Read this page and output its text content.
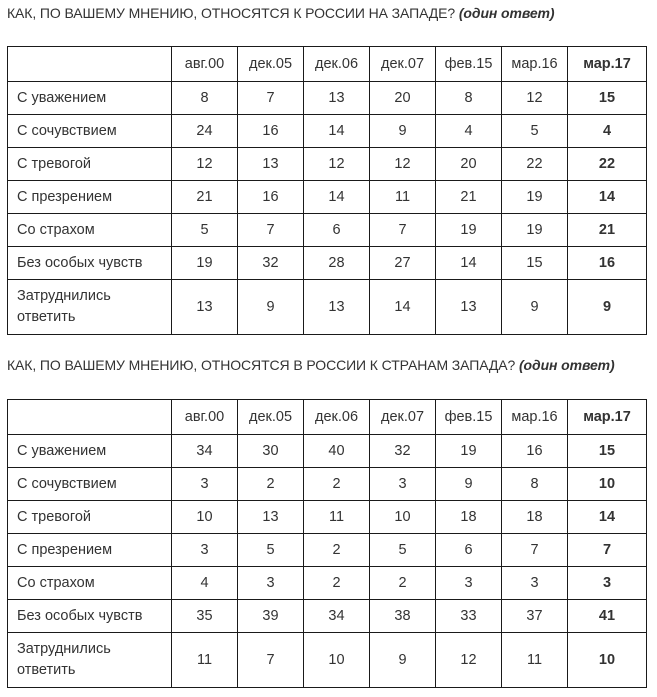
КАК, ПО ВАШЕМУ МНЕНИЮ, ОТНОСЯТСЯ К РОССИИ НА ЗАПАДЕ? (один ответ)
	авг.00	дек.05	дек.06	дек.07	фев.15	мар.16	мар.17
С уважением	8	7	13	20	8	12	15
С сочувствием	24	16	14	9	4	5	4
С тревогой	12	13	12	12	20	22	22
С презрением	21	16	14	11	21	19	14
Со страхом	5	7	6	7	19	19	21
Без особых чувств	19	32	28	27	14	15	16

Затруднились
ответить	13	9	13	14	13	9	9
КАК, ПО ВАШЕМУ МНЕНИЮ, ОТНОСЯТСЯ В РОССИИ К СТРАНАМ ЗАПАДА? (один ответ)
	авг.00	дек.05	дек.06	дек.07	фев.15	мар.16	мар.17
С уважением	34	30	40	32	19	16	15
С сочувствием	3	2	2	3	9	8	10
С тревогой	10	13	11	10	18	18	14
С презрением	3	5	2	5	6	7	7
Со страхом	4	3	2	2	3	3	3
Без особых чувств	35	39	34	38	33	37	41

Затруднились
ответить	11	7	10	9	12	11	10
